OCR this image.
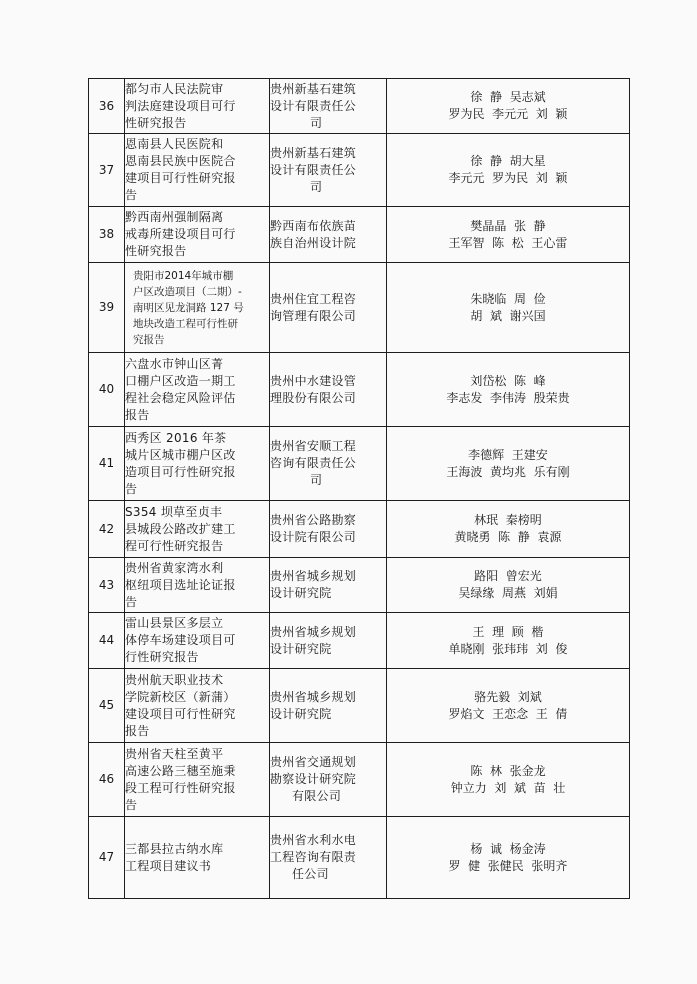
36	都匀市人民法院审
判法庭建设项目可行
性研究报告	贵州新基石建筑
设计有限责任公
司	徐  静  吴志斌
罗为民  李元元  刘  颖

37	恩南县人民医院和
恩南县民族中医院合
建项目可行性研究报
告	贵州新基石建筑
设计有限责任公
司	徐  静  胡大星
李元元  罗为民  刘  颖

38	黔西南州强制隔离
戒毒所建设项目可行
性研究报告	黔西南布依族苗
族自治州设计院	樊晶晶  张  静
王军智  陈  松  王心雷

39	贵阳市2014年城市棚
户区改造项目（二期）-
南明区见龙洞路 127 号
地块改造工程可行性研
究报告	贵州住宜工程咨
询管理有限公司	朱晓临  周  俭
胡  斌  谢兴国

40	六盘水市钟山区菁
口棚户区改造一期工
程社会稳定风险评估
报告	贵州中水建设管
理股份有限公司	刘岱松  陈  峰
李志发  李伟涛  殷荣贵

41	西秀区 2016 年茶
城片区城市棚户区改
造项目可行性研究报
告	贵州省安顺工程
咨询有限责任公
司	李德辉  王建安
王海波  黄均兆  乐有刚

42	S354 坝草至贞丰
县城段公路改扩建工
程可行性研究报告	贵州省公路勘察
设计院有限公司	林珉  秦榜明
黄晓勇  陈  静  袁源

43	贵州省黄家湾水利
枢纽项目选址论证报
告	贵州省城乡规划
设计研究院	路阳  曾宏光
吴绿缘  周燕  刘娟

44	雷山县景区多层立
体停车场建设项目可
行性研究报告	贵州省城乡规划
设计研究院	王  理  顾  楷
单晓刚  张玮玮  刘  俊

45	贵州航天职业技术
学院新校区（新蒲）
建设项目可行性研究
报告	贵州省城乡规划
设计研究院	骆先毅  刘斌
罗焰文  王恋念  王  倩

46	贵州省天柱至黄平
高速公路三穗至施秉
段工程可行性研究报
告	贵州省交通规划
勘察设计研究院
有限公司	陈  林  张金龙
钟立力  刘  斌  苗  壮

47	三都县拉古纳水库
工程项目建议书	贵州省水利水电
工程咨询有限责
任公司	杨  诚  杨金涛
罗  健  张健民  张明齐
